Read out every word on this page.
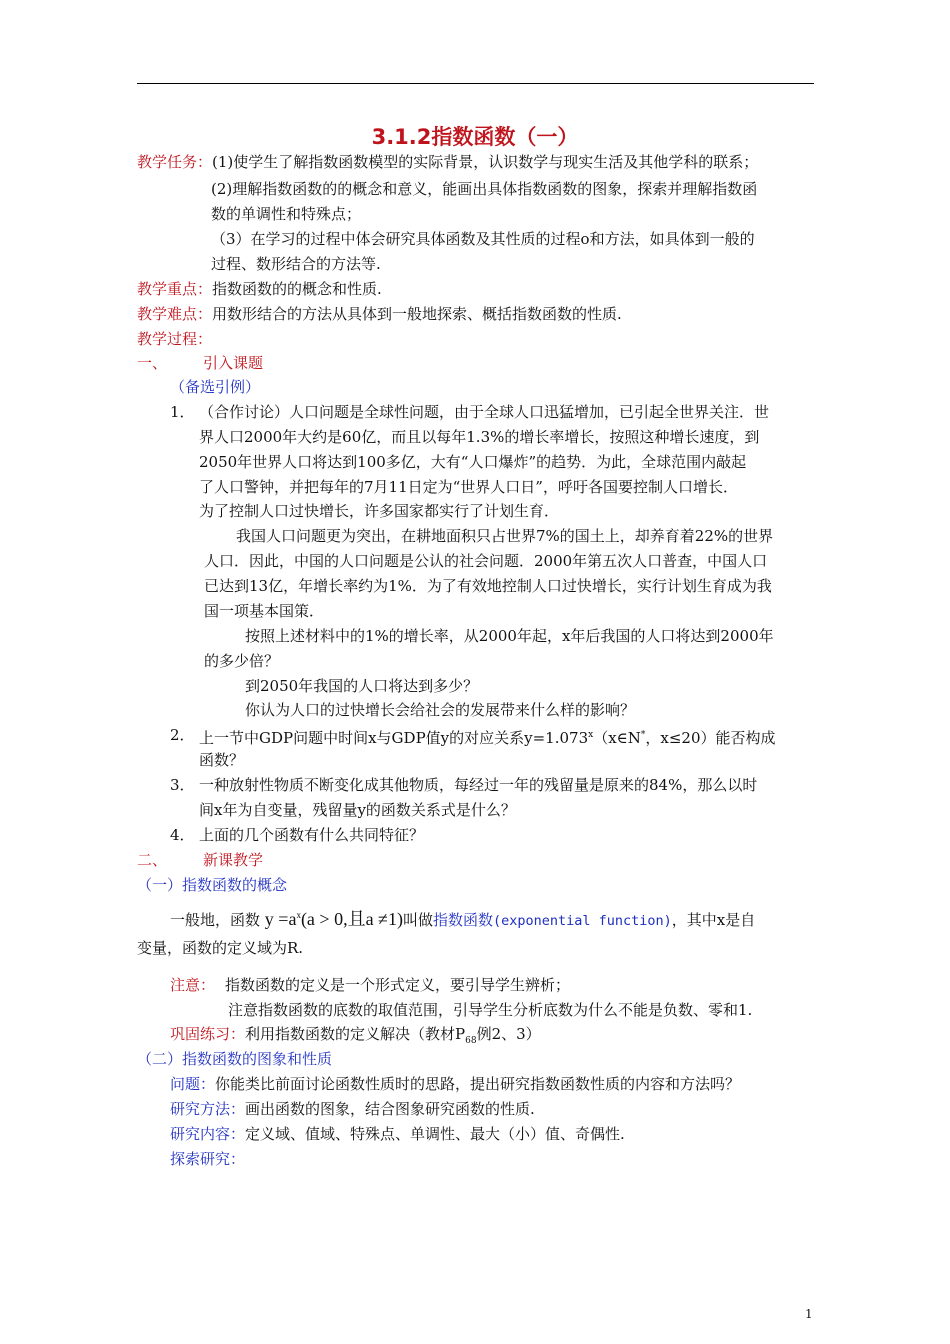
3.1.2指数函数（一）
教学任务：(1)使学生了解指数函数模型的实际背景，认识数学与现实生活及其他学科的联系；
(2)理解指数函数的的概念和意义，能画出具体指数函数的图象，探索并理解指数函
数的单调性和特殊点；
（3）在学习的过程中体会研究具体函数及其性质的过程o和方法，如具体到一般的
过程、数形结合的方法等.
教学重点：指数函数的的概念和性质.
教学难点：用数形结合的方法从具体到一般地探索、概括指数函数的性质.
教学过程：
一、 引入课题
（备选引例）
1． （合作讨论）人口问题是全球性问题，由于全球人口迅猛增加，已引起全世界关注．世
界人口2000年大约是60亿，而且以每年1.3%的增长率增长，按照这种增长速度，到
2050年世界人口将达到100多亿，大有“人口爆炸”的趋势．为此，全球范围内敲起
了人口警钟，并把每年的7月11日定为“世界人口日”，呼吁各国要控制人口增长．
为了控制人口过快增长，许多国家都实行了计划生育．
我国人口问题更为突出，在耕地面积只占世界7%的国土上，却养育着22%的世界
人口．因此，中国的人口问题是公认的社会问题．2000年第五次人口普查，中国人口
已达到13亿，年增长率约为1%．为了有效地控制人口过快增长，实行计划生育成为我
国一项基本国策．
按照上述材料中的1%的增长率，从2000年起，x年后我国的人口将达到2000年
的多少倍？
到2050年我国的人口将达到多少？
你认为人口的过快增长会给社会的发展带来什么样的影响？
2． 上一节中GDP问题中时间x与GDP值y的对应关系$y=1.073^x(x\in N^*$，x≤20）能否构成
函数？
3． 一种放射性物质不断变化成其他物质，每经过一年的残留量是原来的84%，那么以时
间x年为自变量，残留量y的函数关系式是什么？
4． 上面的几个函数有什么共同特征？
二、 新课教学
（一）指数函数的概念
一般地，函数 $y =a^x(a > 0$,且a ≠1)叫做指数函数(exponential function)，其中x是自
变量，函数的定义域为R.
注意： 指数函数的定义是一个形式定义，要引导学生辨析；
注意指数函数的底数的取值范围，引导学生分析底数为什么不能是负数、零和1.
巩固练习：利用指数函数的定义解决（教材$P_{68}$例2、3）
（二）指数函数的图象和性质
问题：你能类比前面讨论函数性质时的思路，提出研究指数函数性质的内容和方法吗？
研究方法：画出函数的图象，结合图象研究函数的性质.
研究内容：定义域、值域、特殊点、单调性、最大（小）值、奇偶性.
探索研究：
1
